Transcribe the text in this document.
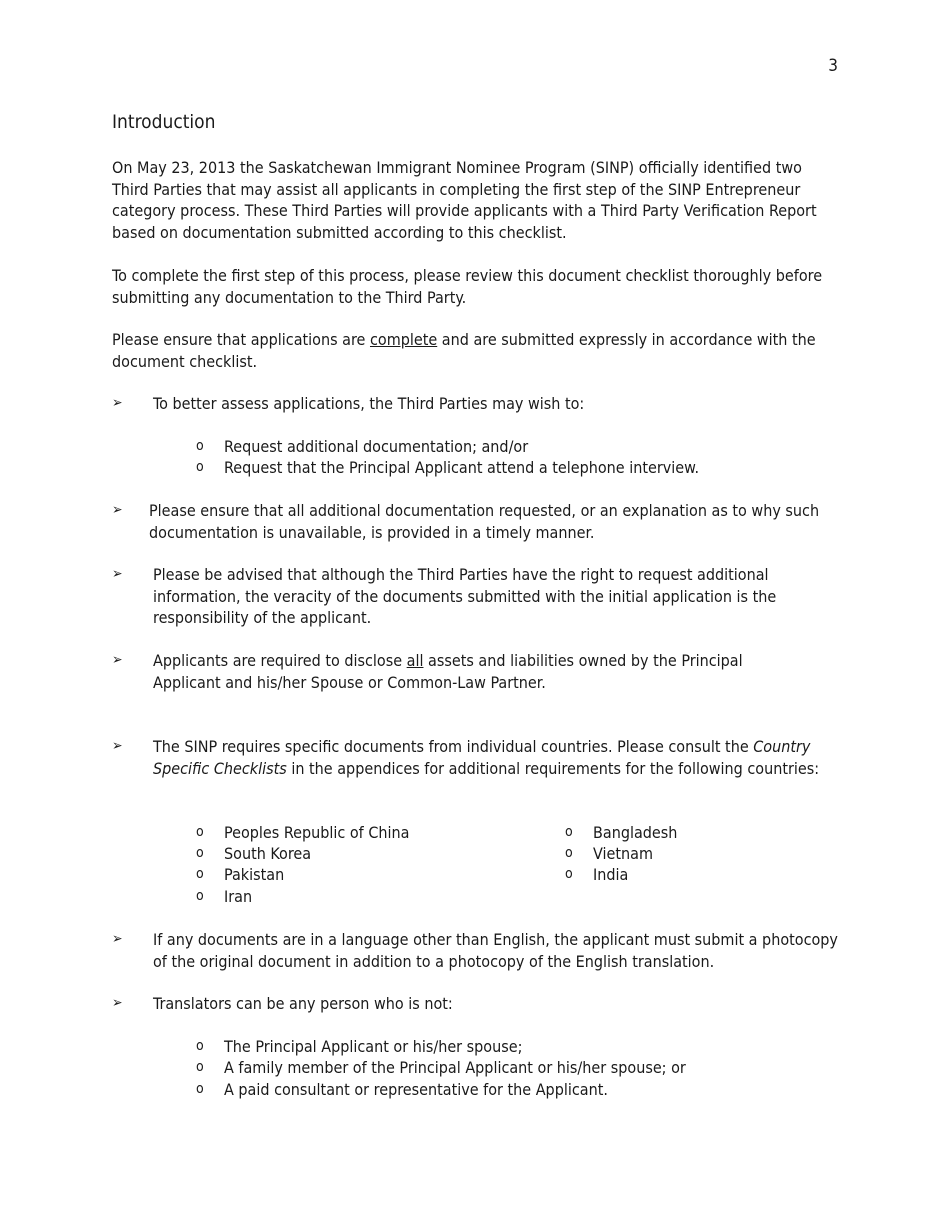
3
Introduction

On May 23, 2013 the Saskatchewan Immigrant Nominee Program (SINP) officially identified two Third Parties that may assist all applicants in completing the first step of the SINP Entrepreneur category process. These Third Parties will provide applicants with a Third Party Verification Report based on documentation submitted according to this checklist.

To complete the first step of this process, please review this document checklist thoroughly before submitting any documentation to the Third Party.

Please ensure that applications are complete and are submitted expressly in accordance with the document checklist.

➢ To better assess applications, the Third Parties may wish to:
o Request additional documentation; and/or
o Request that the Principal Applicant attend a telephone interview.
➢ Please ensure that all additional documentation requested, or an explanation as to why such documentation is unavailable, is provided in a timely manner.
➢ Please be advised that although the Third Parties have the right to request additional information, the veracity of the documents submitted with the initial application is the responsibility of the applicant.
➢ Applicants are required to disclose all assets and liabilities owned by the Principal Applicant and his/her Spouse or Common-Law Partner.
➢ The SINP requires specific documents from individual countries. Please consult the Country Specific Checklists in the appendices for additional requirements for the following countries:
o Peoples Republic of China
o South Korea
o Pakistan
o Iran
o Bangladesh
o Vietnam
o India
➢ If any documents are in a language other than English, the applicant must submit a photocopy of the original document in addition to a photocopy of the English translation.
➢ Translators can be any person who is not:
o The Principal Applicant or his/her spouse;
o A family member of the Principal Applicant or his/her spouse; or
o A paid consultant or representative for the Applicant.
